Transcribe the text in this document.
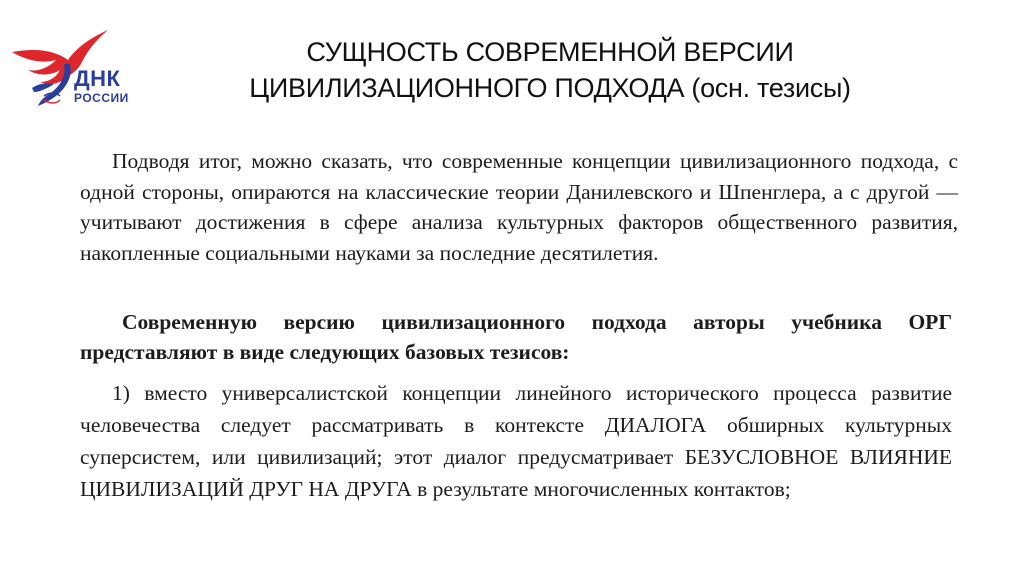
ДНК
РОССИИ
СУЩНОСТЬ СОВРЕМЕННОЙ ВЕРСИИ
ЦИВИЛИЗАЦИОННОГО ПОДХОДА (осн. тезисы)

Подводя итог, можно сказать, что современные концепции цивилизационного подхода, с одной стороны, опираются на классические теории Данилевского и Шпенглера, а с другой — учитывают достижения в сфере анализа культурных факторов общественного развития, накопленные социальными науками за последние десятилетия.

Современную версию цивилизационного подхода авторы учебника ОРГ представляют в виде следующих базовых тезисов:

1) вместо универсалистской концепции линейного исторического процесса развитие человечества следует рассматривать в контексте ДИАЛОГА обширных культурных суперсистем, или цивилизаций; этот диалог предусматривает БЕЗУСЛОВНОЕ ВЛИЯНИЕ ЦИВИЛИЗАЦИЙ ДРУГ НА ДРУГА в результате многочисленных контактов;
